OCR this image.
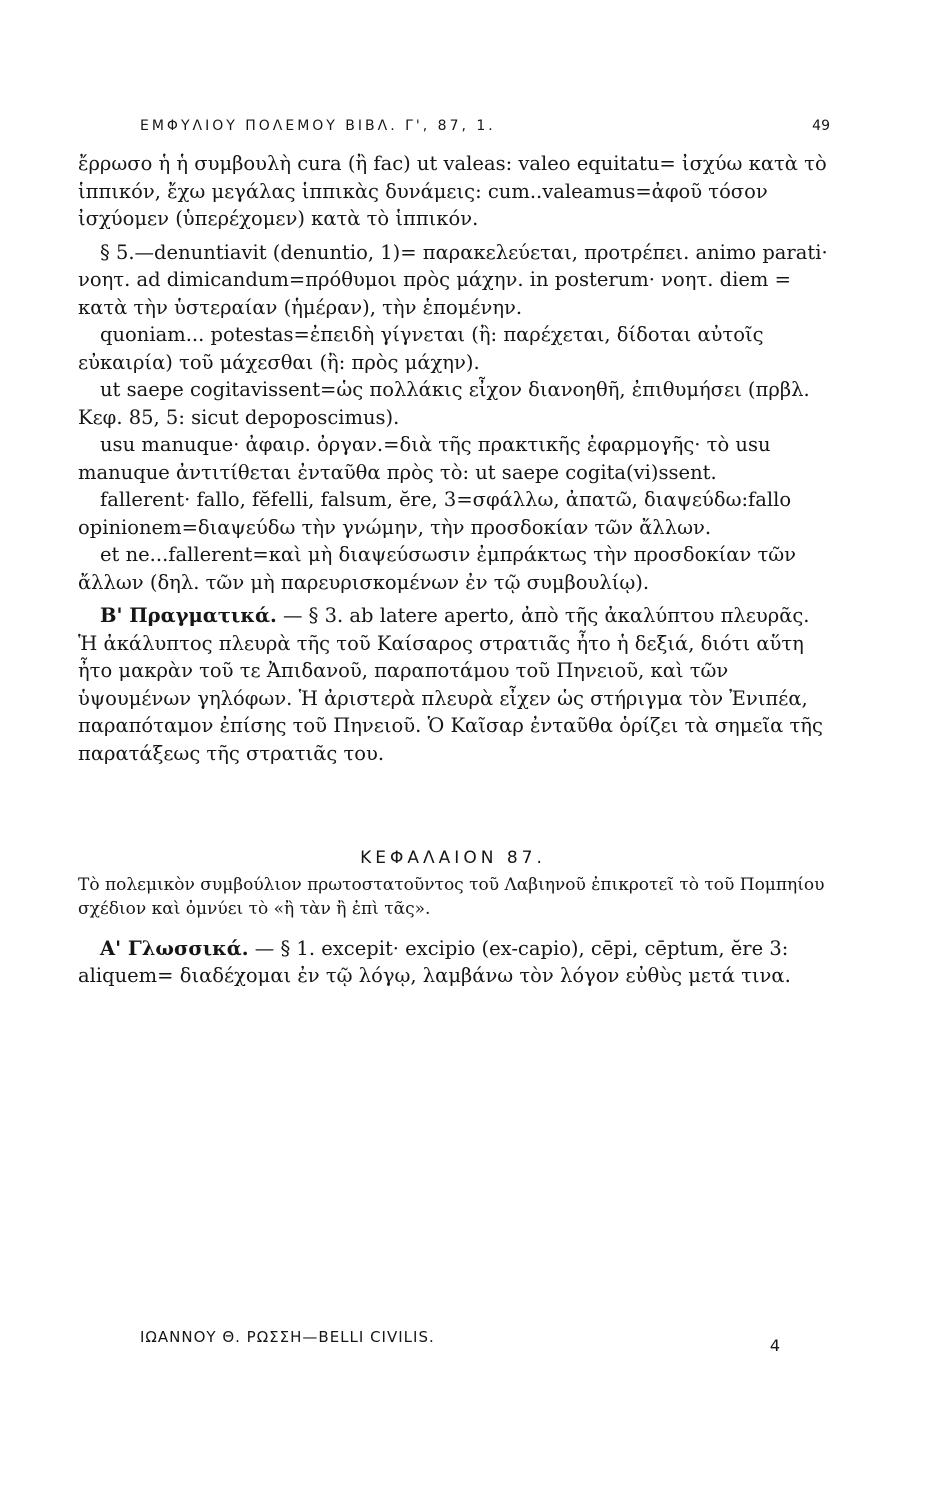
ΕΜΦΥΛΙΟΥ ΠΟΛΕΜΟΥ ΒΙΒΛ. Γ', 87, 1.	49

ἔρρωσο ἡ ἡ συμβουλὴ cura (ἢ fac) ut valeas: valeo equitatu= ἰσχύω κατὰ τὸ ἱππικόν, ἔχω μεγάλας ἱππικὰς δυνάμεις: cum..valeamus=ἀφοῦ τόσον ἰσχύομεν (ὑπερέχομεν) κατὰ τὸ ἱππικόν.

§ 5.—denuntiavit (denuntio, 1)= παρακελεύεται, προτρέπει. animo parati· νοητ. ad dimicandum=πρόθυμοι πρὸς μάχην. in posterum· νοητ. diem = κατὰ τὴν ὑστεραίαν (ἡμέραν), τὴν ἑπομένην.

quoniam... potestas=ἐπειδὴ γίγνεται (ἢ: παρέχεται, δίδοται αὐτοῖς εὐκαιρία) τοῦ μάχεσθαι (ἢ: πρὸς μάχην).

ut saepe cogitavissent=ὡς πολλάκις εἶχον διανοηθῆ, ἐπιθυμήσει (πρβλ. Κεφ. 85, 5: sicut depoposcimus).

usu manuque· ἀφαιρ. ὀργαν.=διὰ τῆς πρακτικῆς ἐφαρμογῆς· τὸ usu manuque ἀντιτίθεται ἐνταῦθα πρὸς τὸ: ut saepe cogita(vi)ssent.

fallerent· fallo, fĕfelli, falsum, ĕre, 3=σφάλλω, ἀπατῶ, διαψεύδω:fallo opinionem=διαψεύδω τὴν γνώμην, τὴν προσδοκίαν τῶν ἄλλων.

et ne...fallerent=καὶ μὴ διαψεύσωσιν ἐμπράκτως τὴν προσδοκίαν τῶν ἄλλων (δηλ. τῶν μὴ παρευρισκομένων ἐν τῷ συμβουλίῳ).

Β' Πραγματικά. — § 3. ab latere aperto, ἀπὸ τῆς ἀκαλύπτου πλευρᾶς. Ἡ ἀκάλυπτος πλευρὰ τῆς τοῦ Καίσαρος στρατιᾶς ἦτο ἡ δεξιά, διότι αὕτη ἦτο μακρὰν τοῦ τε Ἀπιδανοῦ, παραποτάμου τοῦ Πηνειοῦ, καὶ τῶν ὑψουμένων γηλόφων. Ἡ ἀριστερὰ πλευρὰ εἶχεν ὡς στήριγμα τὸν Ἐνιπέα, παραπόταμον ἐπίσης τοῦ Πηνειοῦ. Ὁ Καῖσαρ ἐνταῦθα ὁρίζει τὰ σημεῖα τῆς παρατάξεως τῆς στρατιᾶς του.

ΚΕΦΑΛΑΙΟΝ 87.

Τὸ πολεμικὸν συμβούλιον πρωτοστατοῦντος τοῦ Λαβιηνοῦ ἐπικροτεῖ τὸ τοῦ Πομπηίου σχέδιον καὶ ὀμνύει τὸ «ἢ τὰν ἢ ἐπὶ τᾶς».

Α' Γλωσσικά. — § 1. excepit· excipio (ex-capio), cēpi, cēptum, ĕre 3: aliquem= διαδέχομαι ἐν τῷ λόγῳ, λαμβάνω τὸν λόγον εὐθὺς μετά τινα.

ΙΩΑΝΝΟΥ Θ. ΡΩΣΣΗ—BELLI CIVILIS.	4
